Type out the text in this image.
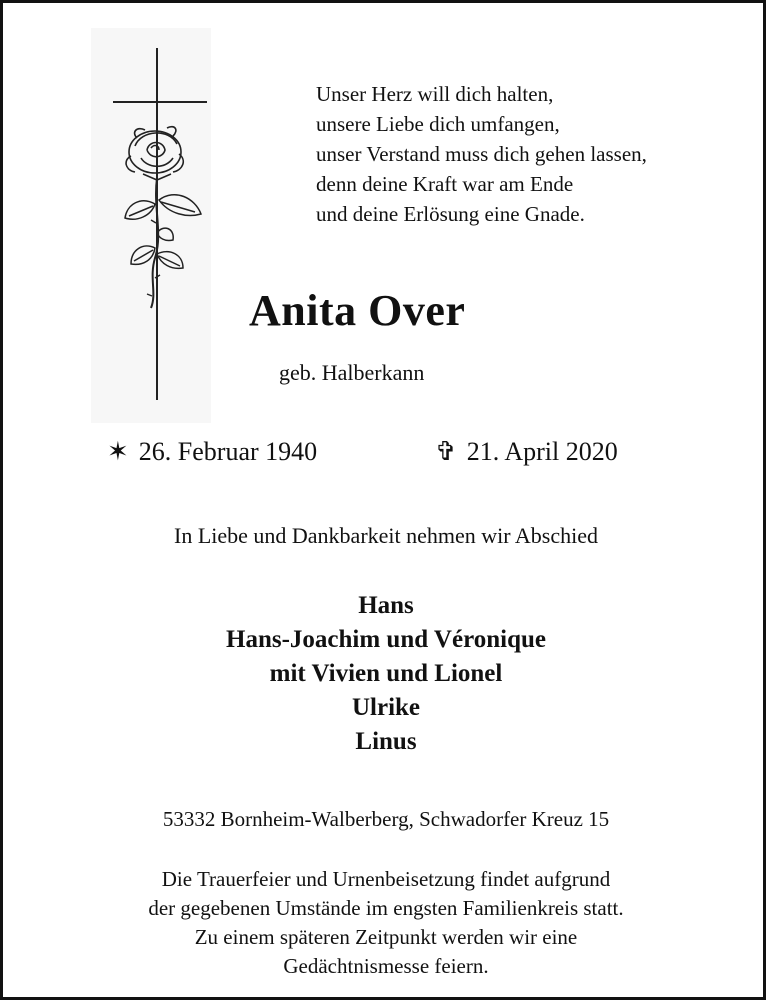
Unser Herz will dich halten,
unsere Liebe dich umfangen,
unser Verstand muss dich gehen lassen,
denn deine Kraft war am Ende
und deine Erlösung eine Gnade.
Anita Over
geb. Halberkann
✶ 26. Februar 1940	✞ 21. April 2020
In Liebe und Dankbarkeit nehmen wir Abschied
Hans
Hans-Joachim und Véronique
mit Vivien und Lionel
Ulrike
Linus
53332 Bornheim-Walberberg, Schwadorfer Kreuz 15
Die Trauerfeier und Urnenbeisetzung findet aufgrund
der gegebenen Umstände im engsten Familienkreis statt.
Zu einem späteren Zeitpunkt werden wir eine
Gedächtnismesse feiern.
